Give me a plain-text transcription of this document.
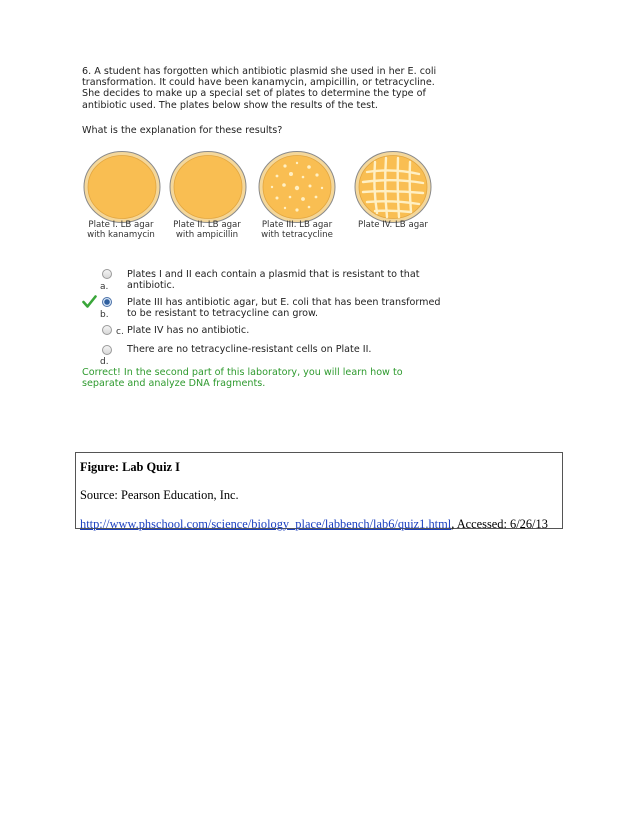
6. A student has forgotten which antibiotic plasmid she used in her E. coli transformation. It could have been kanamycin, ampicillin, or tetracycline. She decides to make up a special set of plates to determine the type of antibiotic used. The plates below show the results of the test.

What is the explanation for these results?

Plate I. LB agar
with kanamycin
Plate II. LB agar
with ampicillin
Plate III. LB agar
with tetracycline
Plate IV. LB agar

a.

Plates I and II each contain a plasmid that is resistant to that antibiotic.

b.

Plate III has antibiotic agar, but E. coli that has been transformed to be resistant to tetracycline can grow.

c. Plate IV has no antibiotic.

d.

There are no tetracycline-resistant cells on Plate II.

Correct! In the second part of this laboratory, you will learn how to separate and analyze DNA fragments.

Figure: Lab Quiz I
Source: Pearson Education, Inc.
http://www.phschool.com/science/biology_place/labbench/lab6/quiz1.html, Accessed: 6/26/13
